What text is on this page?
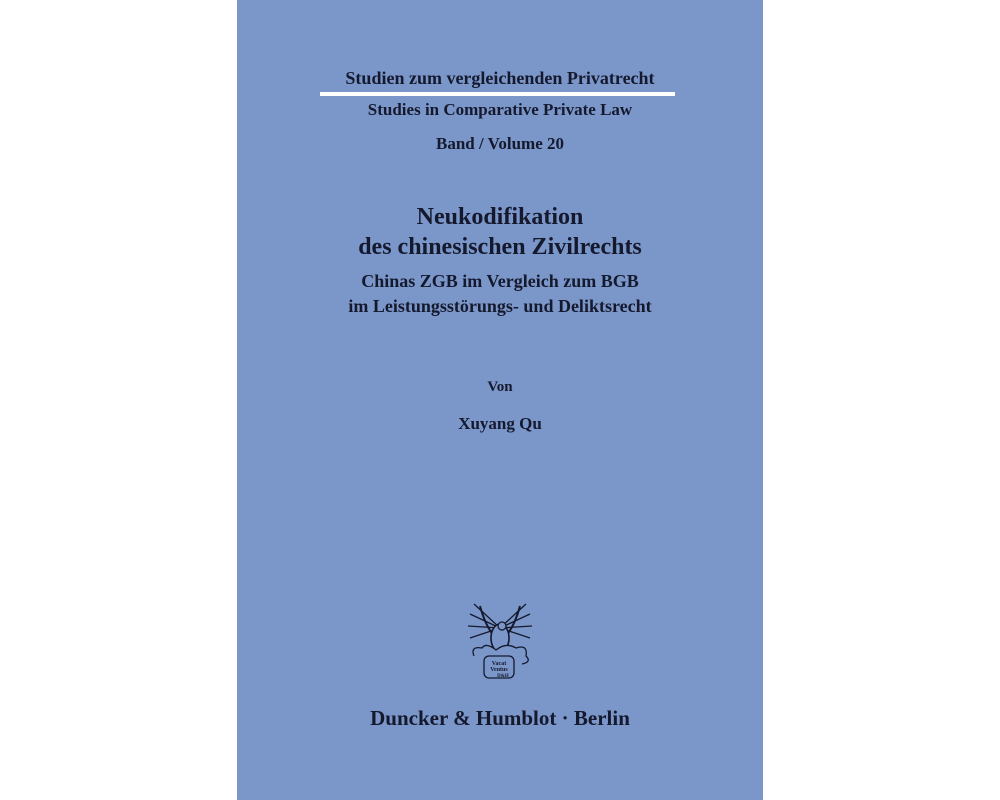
Studien zum vergleichenden Privatrecht
Studies in Comparative Private Law
Band / Volume 20
Neukodifikation
des chinesischen Zivilrechts
Chinas ZGB im Vergleich zum BGB
im Leistungsstörungs- und Deliktsrecht
Von
Xuyang Qu
Vacat
Ventus
D&H
Duncker & Humblot · Berlin
